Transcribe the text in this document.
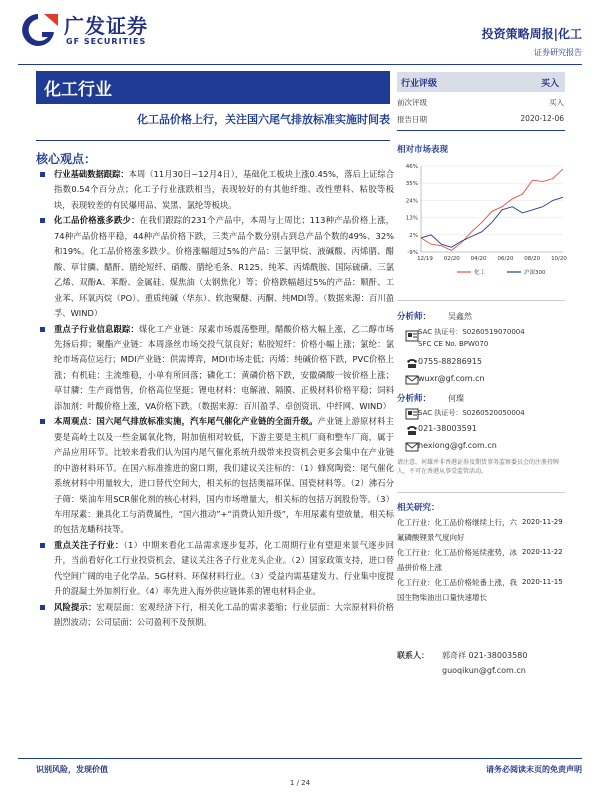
广发证券
GF SECURITIES
投资策略周报|化工
证券研究报告
化工行业
化工品价格上行，关注国六尾气排放标准实施时间表
核心观点：

行业基础数据跟踪：本周（11月30日~12月4日），基础化工板块上涨0.45%，落后上证综合指数0.54个百分点；化工子行业涨跌相当，表现较好的有其他纤维、改性塑料、粘胶等板块，表现较差的有民爆用品、炭黑、氯纶等板块。

化工品价格涨多跌少：在我们跟踪的231个产品中，本周与上周比；113种产品价格上涨，74种产品价格平稳，44种产品价格下跌，三类产品个数分别占到总产品个数的49%、32%和19%。化工品价格涨多跌少。价格涨幅超过5%的产品：三氯甲烷、液碱酸、丙烯腈、醋酸、草甘膦、醋酐、腈纶短纤、硝酸、腈纶毛条、R125、纯苯、丙烯酰胺、国际硫磺、三氯乙烯、双酚A、苯酚、金属硅、煤焦油（太钢焦化）等；价格跌幅超过5%的产品：顺酐、工业苯、环氧丙烷（PO）、重质纯碱（华东）、软泡聚醚、丙酮、纯MDI等。（数据来源：百川盈孚、WIND）

重点子行业信息跟踪：煤化工产业链：尿素市场震荡整理，醋酸价格大幅上涨，乙二醇市场先扬后抑；聚酯产业链：本周涤丝市场交投气氛良好；粘胶短纤：价格小幅上涨；氯纶：氯纶市场高位运行；MDI产业链：供需博弈，MDI市场走低；丙烯：纯碱价格下跌，PVC价格上涨；有机硅：主流维稳，小单有所回落；磷化工：黄磷价格下跌，安徽磷酸一铵价格上涨；草甘膦：生产商惜售，价格高位坚挺；锂电材料：电解液、隔膜、正极材料价格平稳；饲料添加剂：叶酸价格上涨，VA价格下跌。（数据来源：百川盈孚、卓创资讯、中纤网、WIND）

本周观点：国六尾气排放标准实施，汽车尾气催化产业链的全面升级。产业链上游原材料主要是高岭土以及一些金属氧化物，附加值相对较低，下游主要是主机厂商和整车厂商，属于产品应用环节。比较来看我们认为国内尾气催化系统升级带来投资机会更多会集中在产业链的中游材料环节。在国六标准推进的窗口期，我们建议关注标的：（1）蜂窝陶瓷：尾气催化系统材料中用量较大，进口替代空间大，相关标的包括奥福环保、国瓷材料等。（2）沸石分子筛：柴油车用SCR催化剂的核心材料，国内市场增量大，相关标的包括万润股份等。（3）车用尿素：兼具化工与消费属性，“国六推动”+“消费认知升级”，车用尿素有望放量，相关标的包括龙蟠科技等。

重点关注子行业：（1）中期来看化工品需求逐步复苏，化工周期行业有望迎来景气逐步回升，当前看好化工行业投资机会，建议关注各子行业龙头企业。（2）国家政策支持，进口替代空间广阔的电子化学品、5G材料、环保材料行业。（3）受益内需基建发力、行业集中度提升的混凝土外加剂行业。（4）率先进入海外供应链体系的锂电材料企业。

风险提示：宏观层面：宏观经济下行，相关化工品的需求萎缩；行业层面：大宗原材料价格剧烈波动；公司层面：公司盈利不及预期。

行业评级	买入
前次评级	买入
报告日期	2020-12-06
相对市场表现
-9%
2%
13%
24%
35%
46%
12/19 02/20 04/20 06/20 08/20 10/20
化工	沪深300
分析师： 吴鑫然
SAC 执证号：S0260519070004
SFC CE No. BPW070
0755-88286915
wuxr@gf.com.cn
分析师： 何璨
SAC 执证号：S0260520050004
021-38003591
hexiong@gf.com.cn
请注意，何雄并非香港证券及期货事务监察委员会的注册持牌人，不可在香港从事受监管活动。
相关研究：
化工行业：化工品价格继续上行，六氟磷酸锂景气度向好
2020-11-29
化工行业：化工品价格延续涨势，冰晶拼价格上涨
2020-11-22
化工行业：化工品价格轮番上涨，我国生物柴油出口量快速增长
2020-11-15
联系人： 郭奇祥 021-38003580
guoqikun@gf.com.cn
识别风险，发现价值	请务必阅读末页的免责声明
1 / 24
